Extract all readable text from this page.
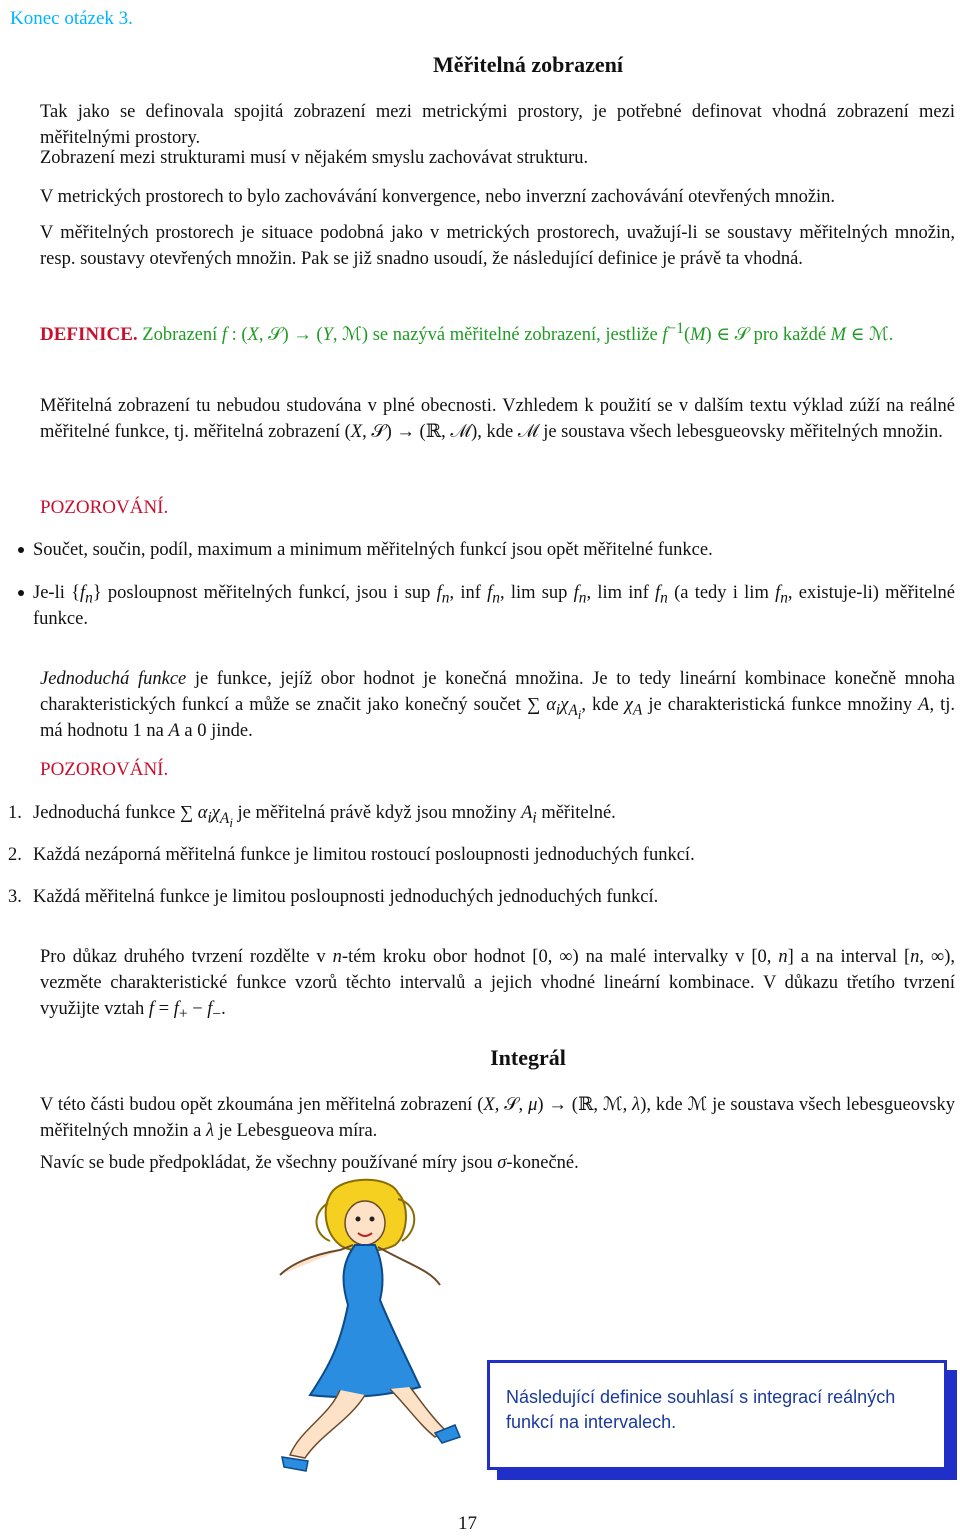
Konec otázek 3.
Měřitelná zobrazení
Tak jako se definovala spojitá zobrazení mezi metrickými prostory, je potřebné definovat vhodná zobrazení mezi měřitelnými prostory.
Zobrazení mezi strukturami musí v nějakém smyslu zachovávat strukturu.
V metrických prostorech to bylo zachovávání konvergence, nebo inverzní zachovávání otevřených množin.
V měřitelných prostorech je situace podobná jako v metrických prostorech, uvažují-li se soustavy měřitelných množin, resp. soustavy otevřených množin. Pak se již snadno usoudí, že následující definice je právě ta vhodná.
DEFINICE. Zobrazení f : (X, 𝒮) → (Y, ℳ) se nazývá měřitelné zobrazení, jestliže $f^{-1}(M)$ ∈ 𝒮 pro každé M ∈ ℳ.
Měřitelná zobrazení tu nebudou studována v plné obecnosti. Vzhledem k použití se v dalším textu výklad zúží na reálné měřitelné funkce, tj. měřitelná zobrazení (X, 𝒮) → (ℝ, ℳ), kde ℳ je soustava všech lebesgueovsky měřitelných množin.
POZOROVÁNÍ.
Součet, součin, podíl, maximum a minimum měřitelných funkcí jsou opět měřitelné funkce.
Je-li $\{f_n\}$ posloupnost měřitelných funkcí, jsou i sup $f_n$, inf $f_n$, lim sup $f_n$, lim inf $f_n$ (a tedy i $\lim f_n$, existuje-li) měřitelné funkce.
Jednoduchá funkce je funkce, jejíž obor hodnot je konečná množina. Je to tedy lineární kombinace konečně mnoha charakteristických funkcí a může se značit jako konečný součet ∑ $\alpha_i\chi_{A_i}$, kde $\chi_A$ je charakteristická funkce množiny A, tj. má hodnotu 1 na A a 0 jinde.
POZOROVÁNÍ.
1. Jednoduchá funkce ∑ $\alpha_i\chi_{A_i}$ je měřitelná právě když jsou množiny $A_i$ měřitelné.
2. Každá nezáporná měřitelná funkce je limitou rostoucí posloupnosti jednoduchých funkcí.
3. Každá měřitelná funkce je limitou posloupnosti jednoduchých jednoduchých funkcí.
Pro důkaz druhého tvrzení rozdělte v n-tém kroku obor hodnot [0, ∞) na malé intervalky v [0, n] a na interval [n, ∞), vezměte charakteristické funkce vzorů těchto intervalů a jejich vhodné lineární kombinace. V důkazu třetího tvrzení využijte vztah $f = f_+ - f_-$.
Integrál
V této části budou opět zkoumána jen měřitelná zobrazení (X, 𝒮, μ) → (ℝ, ℳ, λ), kde ℳ je soustava všech lebesgueovsky měřitelných množin a λ je Lebesgueova míra.
Navíc se bude předpokládat, že všechny používané míry jsou σ-konečné.
Následující definice souhlasí s integrací reálných funkcí na intervalech.
17
